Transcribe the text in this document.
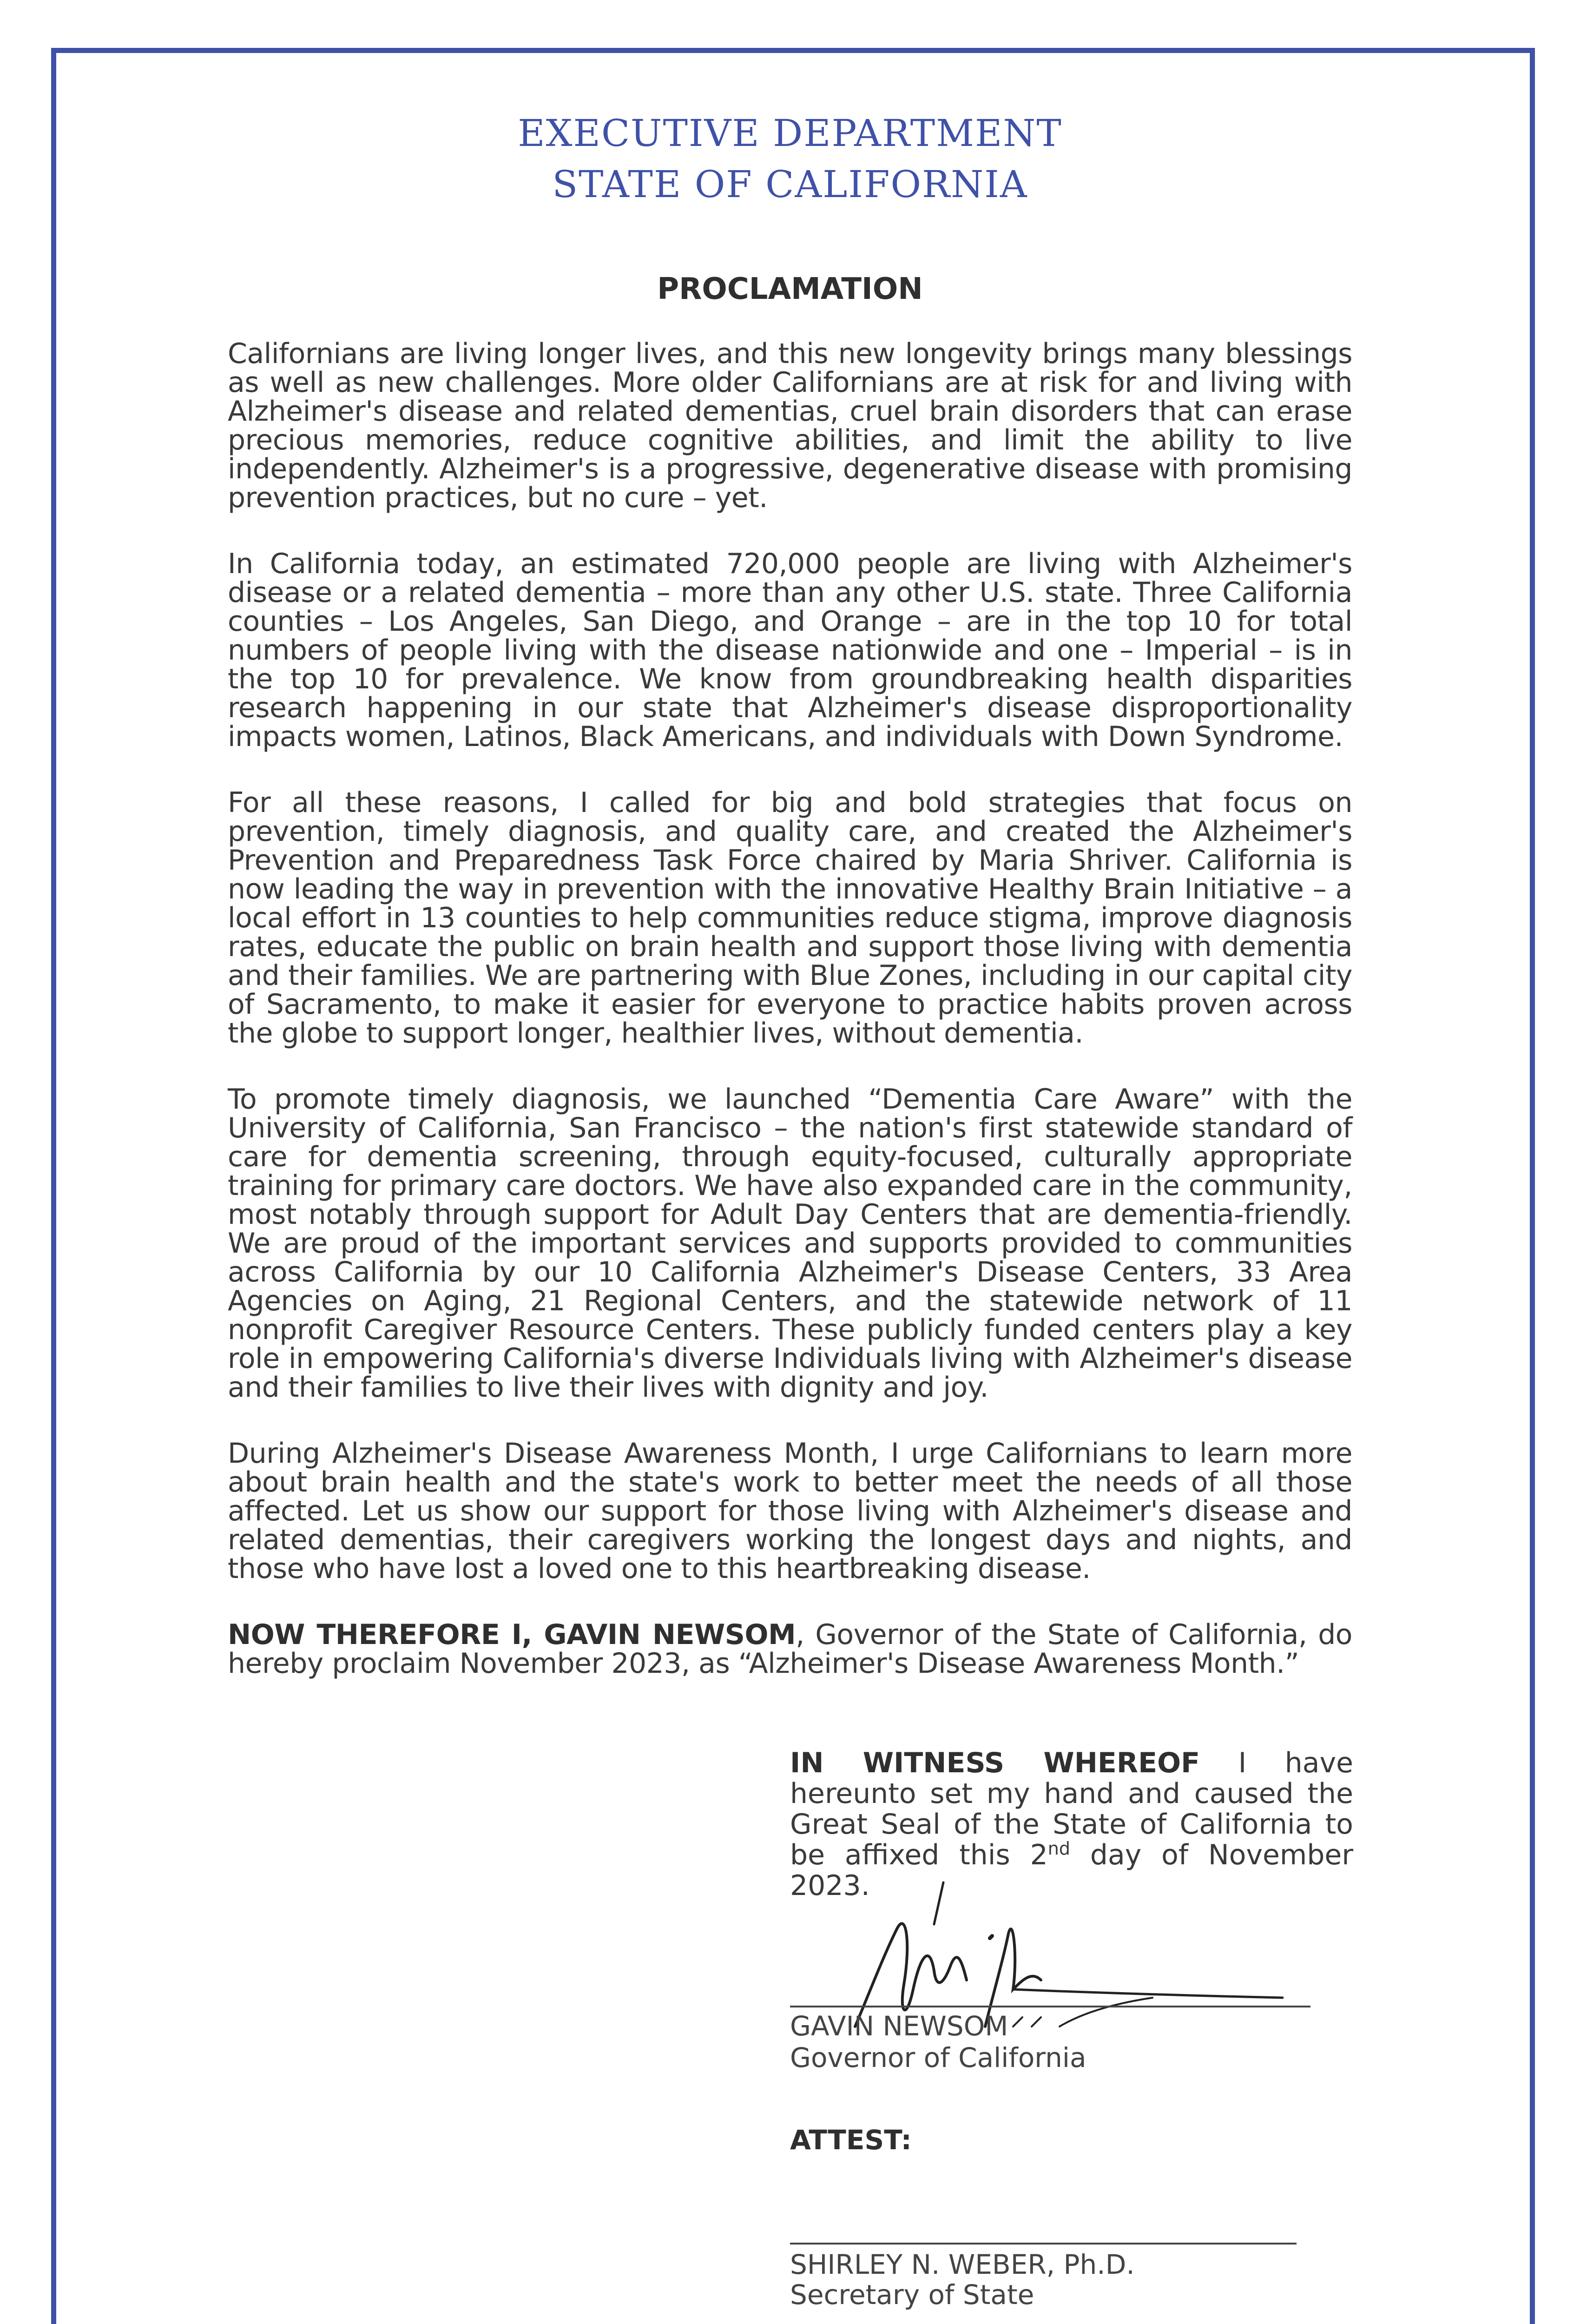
EXECUTIVE DEPARTMENT
STATE OF CALIFORNIA
PROCLAMATION

Californians are living longer lives, and this new longevity brings many blessings as well as new challenges. More older Californians are at risk for and living with Alzheimer's disease and related dementias, cruel brain disorders that can erase precious memories, reduce cognitive abilities, and limit the ability to live independently. Alzheimer's is a progressive, degenerative disease with promising prevention practices, but no cure – yet.

In California today, an estimated 720,000 people are living with Alzheimer's disease or a related dementia – more than any other U.S. state. Three California counties – Los Angeles, San Diego, and Orange – are in the top 10 for total numbers of people living with the disease nationwide and one – Imperial – is in the top 10 for prevalence. We know from groundbreaking health disparities research happening in our state that Alzheimer's disease disproportionality impacts women, Latinos, Black Americans, and individuals with Down Syndrome.

For all these reasons, I called for big and bold strategies that focus on prevention, timely diagnosis, and quality care, and created the Alzheimer's Prevention and Preparedness Task Force chaired by Maria Shriver. California is now leading the way in prevention with the innovative Healthy Brain Initiative – a local effort in 13 counties to help communities reduce stigma, improve diagnosis rates, educate the public on brain health and support those living with dementia and their families. We are partnering with Blue Zones, including in our capital city of Sacramento, to make it easier for everyone to practice habits proven across the globe to support longer, healthier lives, without dementia.

To promote timely diagnosis, we launched “Dementia Care Aware” with the University of California, San Francisco – the nation's first statewide standard of care for dementia screening, through equity-focused, culturally appropriate training for primary care doctors. We have also expanded care in the community, most notably through support for Adult Day Centers that are dementia-friendly. We are proud of the important services and supports provided to communities across California by our 10 California Alzheimer's Disease Centers, 33 Area Agencies on Aging, 21 Regional Centers, and the statewide network of 11 nonprofit Caregiver Resource Centers. These publicly funded centers play a key role in empowering California's diverse Individuals living with Alzheimer's disease and their families to live their lives with dignity and joy.

During Alzheimer's Disease Awareness Month, I urge Californians to learn more about brain health and the state's work to better meet the needs of all those affected. Let us show our support for those living with Alzheimer's disease and related dementias, their caregivers working the longest days and nights, and those who have lost a loved one to this heartbreaking disease.

NOW THEREFORE I, GAVIN NEWSOM, Governor of the State of California, do hereby proclaim November 2023, as “Alzheimer's Disease Awareness Month.”

IN WITNESS WHEREOF I have hereunto set my hand and caused the Great Seal of the State of California to be affixed this 2nd day of November 2023.
GAVIN NEWSOM
Governor of California
ATTEST:
SHIRLEY N. WEBER, Ph.D.
Secretary of State
